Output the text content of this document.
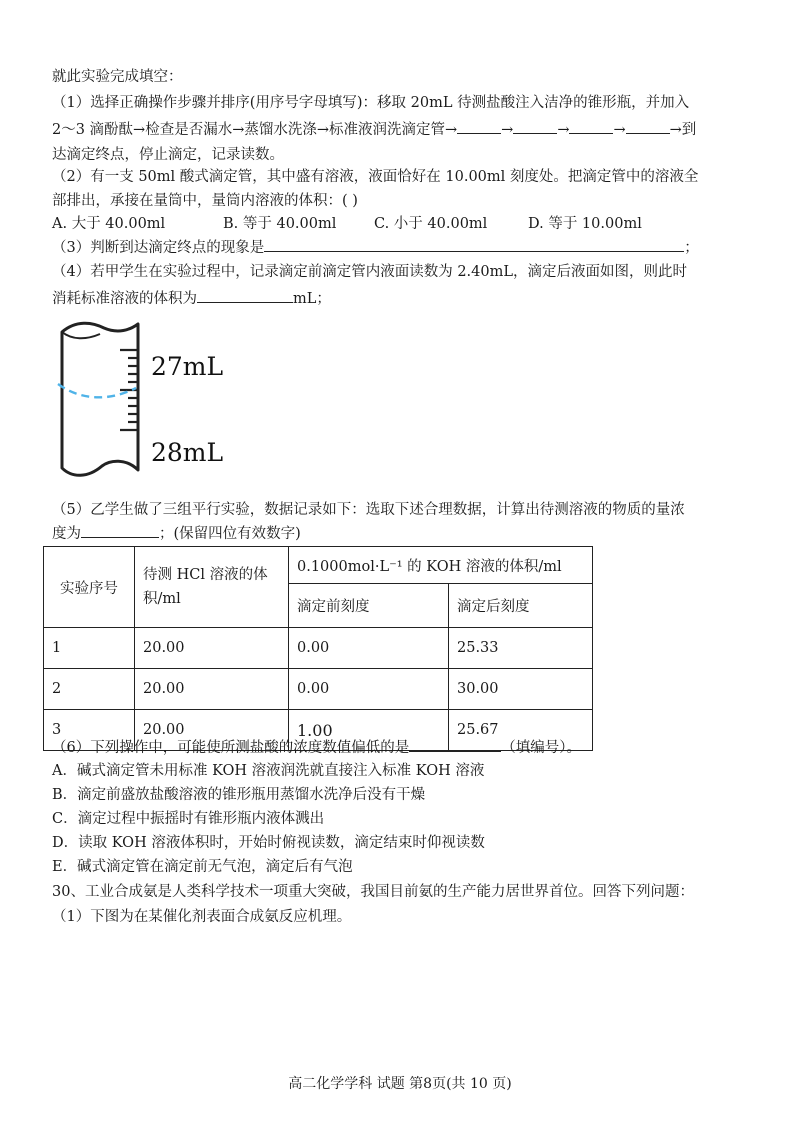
就此实验完成填空：
（1）选择正确操作步骤并排序(用序号字母填写)：移取 20mL 待测盐酸注入洁净的锥形瓶，并加入
2～3 滴酚酞→检查是否漏水→蒸馏水洗涤→标准液润洗滴定管→	→	→	→	→到
达滴定终点，停止滴定，记录读数。
（2）有一支 50ml 酸式滴定管，其中盛有溶液，液面恰好在 10.00ml 刻度处。把滴定管中的溶液全
部排出，承接在量筒中，量筒内溶液的体积：( )
A. 大于 40.00ml	B. 等于 40.00ml	C. 小于 40.00ml	D. 等于 10.00ml
（3）判断到达滴定终点的现象是	；
（4）若甲学生在实验过程中，记录滴定前滴定管内液面读数为 2.40mL，滴定后液面如图，则此时
消耗标准溶液的体积为	mL；
27mL
28mL
（5）乙学生做了三组平行实验，数据记录如下：选取下述合理数据，计算出待测溶液的物质的量浓
度为	；(保留四位有效数字)
实验序号	待测 HCl 溶液的体积/ml	0.1000mol·L⁻¹ 的 KOH 溶液的体积/ml	
		滴定前刻度	滴定后刻度
1	20.00	0.00	25.33
2	20.00	0.00	30.00
3	20.00	1.00	25.67
（6）下列操作中，可能使所测盐酸的浓度数值偏低的是	（填编号）。
A．碱式滴定管未用标准 KOH 溶液润洗就直接注入标准 KOH 溶液
B．滴定前盛放盐酸溶液的锥形瓶用蒸馏水洗净后没有干燥
C．滴定过程中振摇时有锥形瓶内液体溅出
D．读取 KOH 溶液体积时，开始时俯视读数，滴定结束时仰视读数
E．碱式滴定管在滴定前无气泡，滴定后有气泡
30、工业合成氨是人类科学技术一项重大突破，我国目前氨的生产能力居世界首位。回答下列问题：
（1）下图为在某催化剂表面合成氨反应机理。
高二化学学科 试题 第8页(共 10 页)
